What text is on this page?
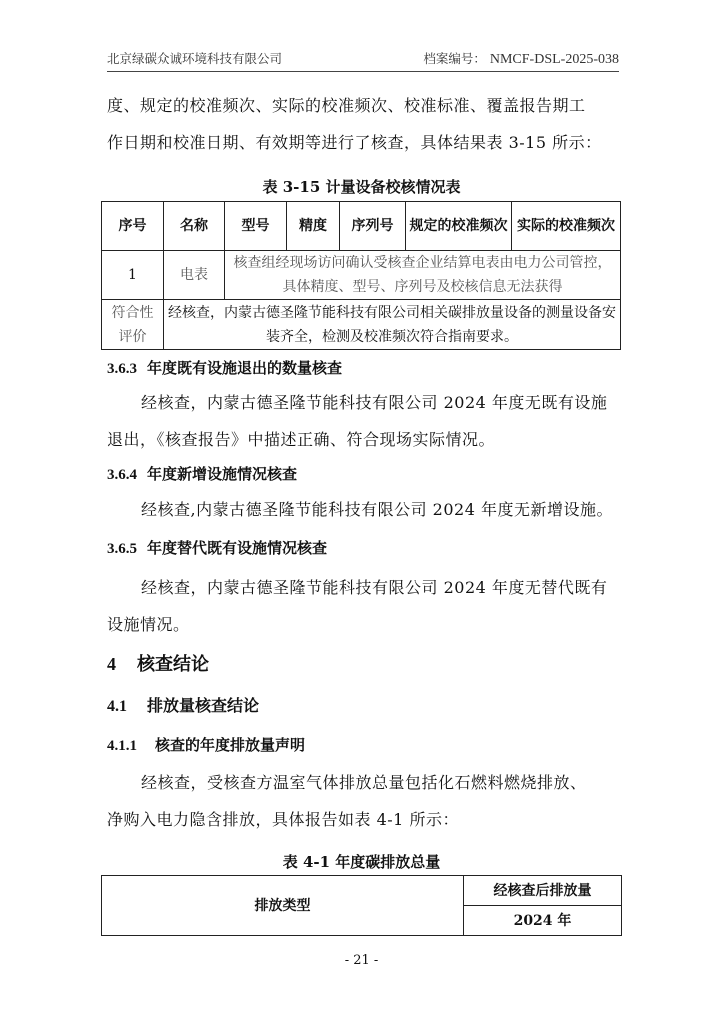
北京绿碳众诚环境科技有限公司	档案编号： NMCF-DSL-2025-038
度、规定的校准频次、实际的校准频次、校准标准、覆盖报告期工
作日期和校准日期、有效期等进行了核查，具体结果表 3-15 所示：
表 3-15 计量设备校核情况表
序号	名称	型号	精度	序列号	规定的校准频次	实际的校准频次
1	电表	核查组经现场访问确认受核查企业结算电表由电力公司管控，具体精度、型号、序列号及校核信息无法获得				
符合性评价	经核查，内蒙古德圣隆节能科技有限公司相关碳排放量设备的测量设备安装齐全，检测及校准频次符合指南要求。					
3.6.3 年度既有设施退出的数量核查
经核查，内蒙古德圣隆节能科技有限公司 2024 年度无既有设施
退出，《核查报告》中描述正确、符合现场实际情况。
3.6.4 年度新增设施情况核查
经核查,内蒙古德圣隆节能科技有限公司 2024 年度无新增设施。
3.6.5 年度替代既有设施情况核查
经核查，内蒙古德圣隆节能科技有限公司 2024 年度无替代既有
设施情况。
4 核查结论
4.1 排放量核查结论
4.1.1 核查的年度排放量声明
经核查，受核查方温室气体排放总量包括化石燃料燃烧排放、
净购入电力隐含排放，具体报告如表 4-1 所示：
表 4-1 年度碳排放总量
排放类型	经核查后排放量
2024 年
- 21 -
